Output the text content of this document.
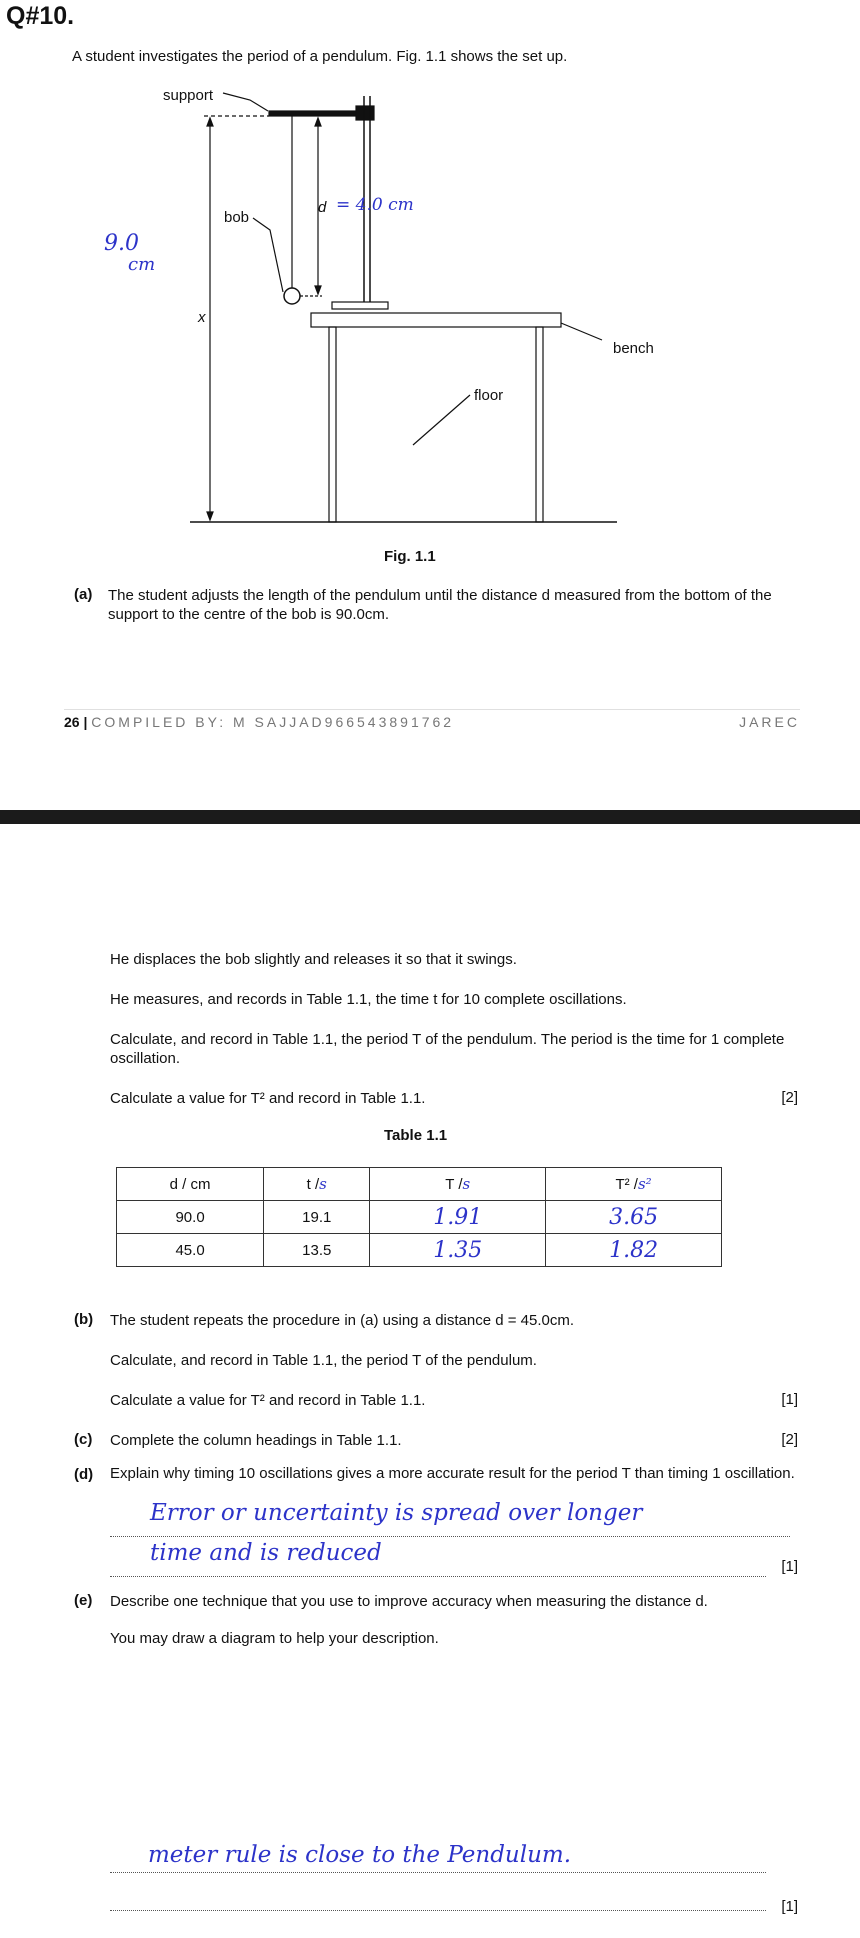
Q#10.
A student investigates the period of a pendulum. Fig. 1.1 shows the set up.
support
d
bob
x
bench
floor
= 4.0 cm
9.0
cm
Fig. 1.1
(a) The student adjusts the length of the pendulum until the distance d measured from the bottom of the support to the centre of the bob is 90.0cm.
26 | COMPILED BY: M SAJJAD966543891762	JAREC
He displaces the bob slightly and releases it so that it swings.
He measures, and records in Table 1.1, the time t for 10 complete oscillations.
Calculate, and record in Table 1.1, the period T of the pendulum. The period is the time for 1 complete oscillation.
Calculate a value for T² and record in Table 1.1.	[2]
Table 1.1
d / cm	t /s	T /s	T² /s²
90.0	19.1	1.91	3.65
45.0	13.5	1.35	1.82
(b) The student repeats the procedure in (a) using a distance d = 45.0cm.
Calculate, and record in Table 1.1, the period T of the pendulum.
Calculate a value for T² and record in Table 1.1.	[1]
(c) Complete the column headings in Table 1.1.	[2]
(d) Explain why timing 10 oscillations gives a more accurate result for the period T than timing 1 oscillation.
Error or uncertainty is spread over longer
time and is reduced
[1]
(e) Describe one technique that you use to improve accuracy when measuring the distance d.
You may draw a diagram to help your description.
meter rule is close to the Pendulum.
[1]
